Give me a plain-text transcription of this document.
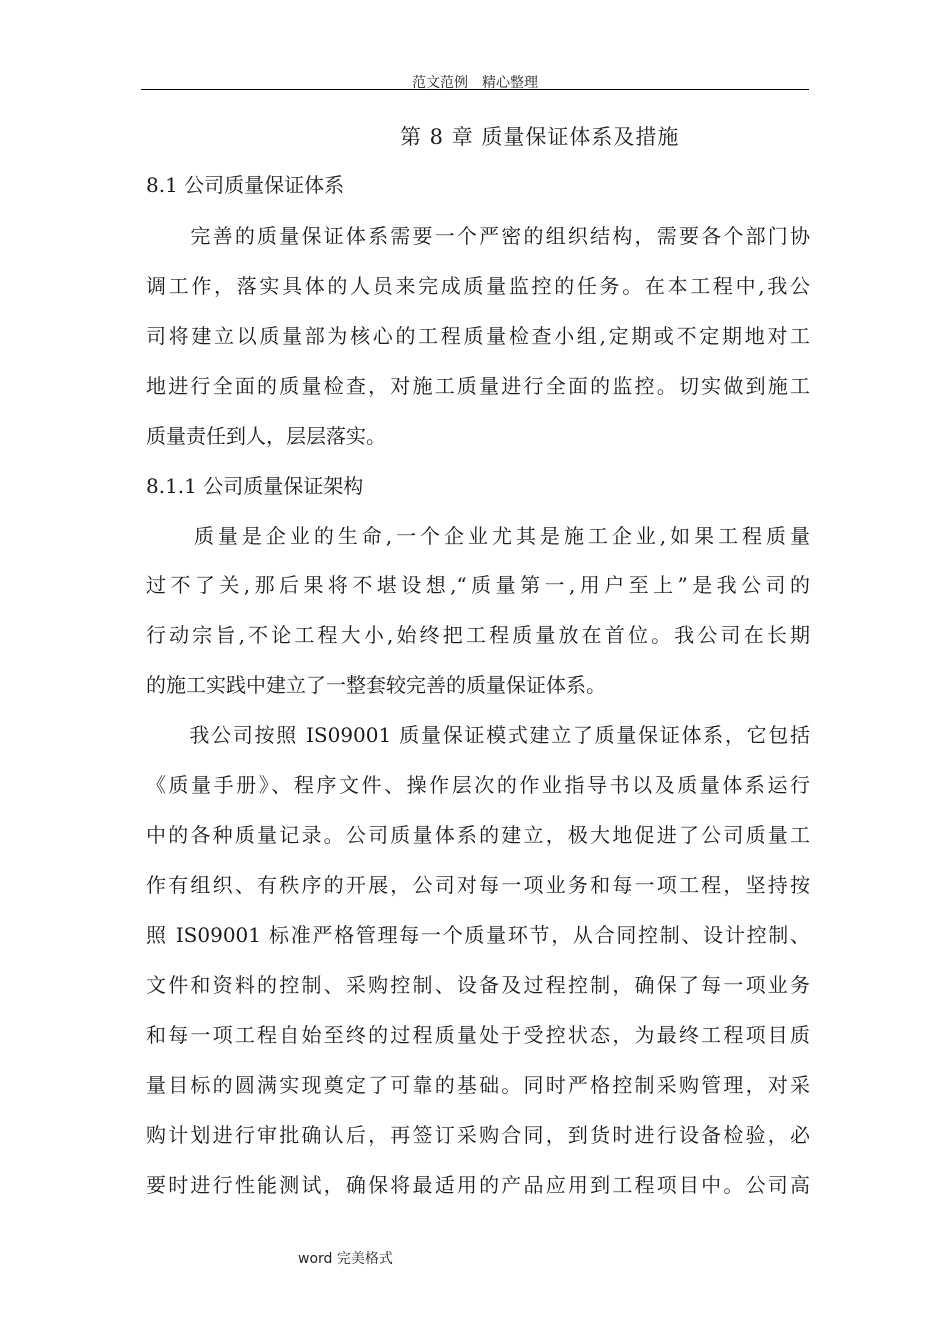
范文范例　精心整理
第 8 章 质量保证体系及措施
8.1 公司质量保证体系
　　完善的质量保证体系需要一个严密的组织结构，需要各个部门协
调工作，落实具体的人员来完成质量监控的任务。在本工程中,我公
司将建立以质量部为核心的工程质量检查小组,定期或不定期地对工
地进行全面的质量检查，对施工质量进行全面的监控。切实做到施工
质量责任到人，层层落实。
8.1.1 公司质量保证架构
　　质量是企业的生命,一个企业尤其是施工企业,如果工程质量
过不了关,那后果将不堪设想,“质量第一,用户至上”是我公司的
行动宗旨,不论工程大小,始终把工程质量放在首位。我公司在长期
的施工实践中建立了一整套较完善的质量保证体系。
　　我公司按照 IS09001 质量保证模式建立了质量保证体系，它包括
《质量手册》、程序文件、操作层次的作业指导书以及质量体系运行
中的各种质量记录。公司质量体系的建立，极大地促进了公司质量工
作有组织、有秩序的开展，公司对每一项业务和每一项工程，坚持按
照 IS09001 标准严格管理每一个质量环节，从合同控制、设计控制、
文件和资料的控制、采购控制、设备及过程控制，确保了每一项业务
和每一项工程自始至终的过程质量处于受控状态，为最终工程项目质
量目标的圆满实现奠定了可靠的基础。同时严格控制采购管理，对采
购计划进行审批确认后，再签订采购合同，到货时进行设备检验，必
要时进行性能测试，确保将最适用的产品应用到工程项目中。公司高
word 完美格式
